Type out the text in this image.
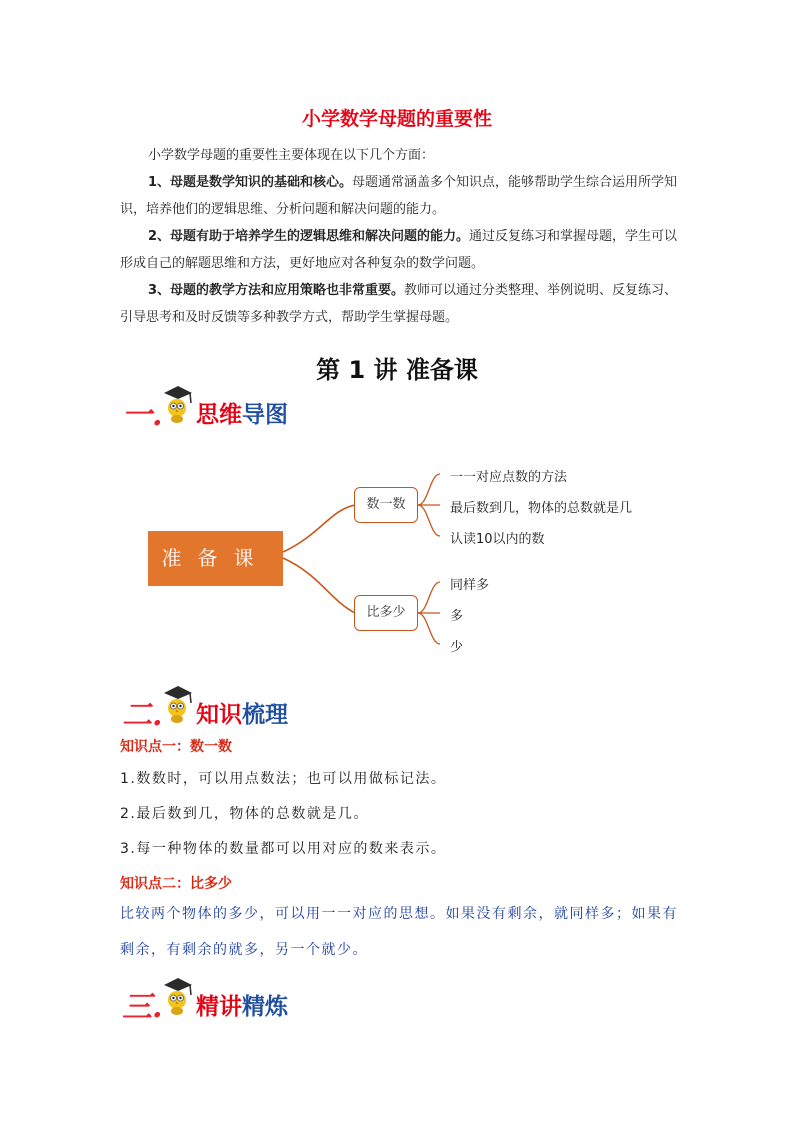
小学数学母题的重要性
小学数学母题的重要性主要体现在以下几个方面：
1、母题是数学知识的基础和核心。母题通常涵盖多个知识点，能够帮助学生综合运用所学知识，培养他们的逻辑思维、分析问题和解决问题的能力。
2、母题有助于培养学生的逻辑思维和解决问题的能力。通过反复练习和掌握母题，学生可以形成自己的解题思维和方法，更好地应对各种复杂的数学问题。
3、母题的教学方法和应用策略也非常重要。教师可以通过分类整理、举例说明、反复练习、引导思考和及时反馈等多种教学方式，帮助学生掌握母题。
第 1 讲 准备课
一. 思维导图
准备课
数一数
比多少
一一对应点数的方法
最后数到几，物体的总数就是几
认读10以内的数
同样多
多
少
二. 知识梳理
知识点一：数一数
1.数数时，可以用点数法；也可以用做标记法。
2.最后数到几，物体的总数就是几。
3.每一种物体的数量都可以用对应的数来表示。
知识点二：比多少
比较两个物体的多少，可以用一一对应的思想。如果没有剩余，就同样多；如果有剩余，有剩余的就多，另一个就少。
三. 精讲精炼
